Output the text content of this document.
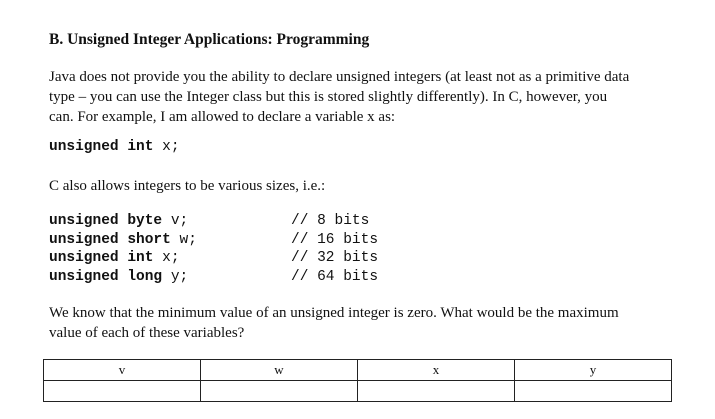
B. Unsigned Integer Applications: Programming
Java does not provide you the ability to declare unsigned integers (at least not as a primitive data
type – you can use the Integer class but this is stored slightly differently). In C, however, you
can. For example, I am allowed to declare a variable x as:
unsigned int x;
C also allows integers to be various sizes, i.e.:
unsigned byte v;	// 8 bits
unsigned short w;	// 16 bits
unsigned int x;	// 32 bits
unsigned long y;	// 64 bits
We know that the minimum value of an unsigned integer is zero. What would be the maximum
value of each of these variables?
v	w	x	y
